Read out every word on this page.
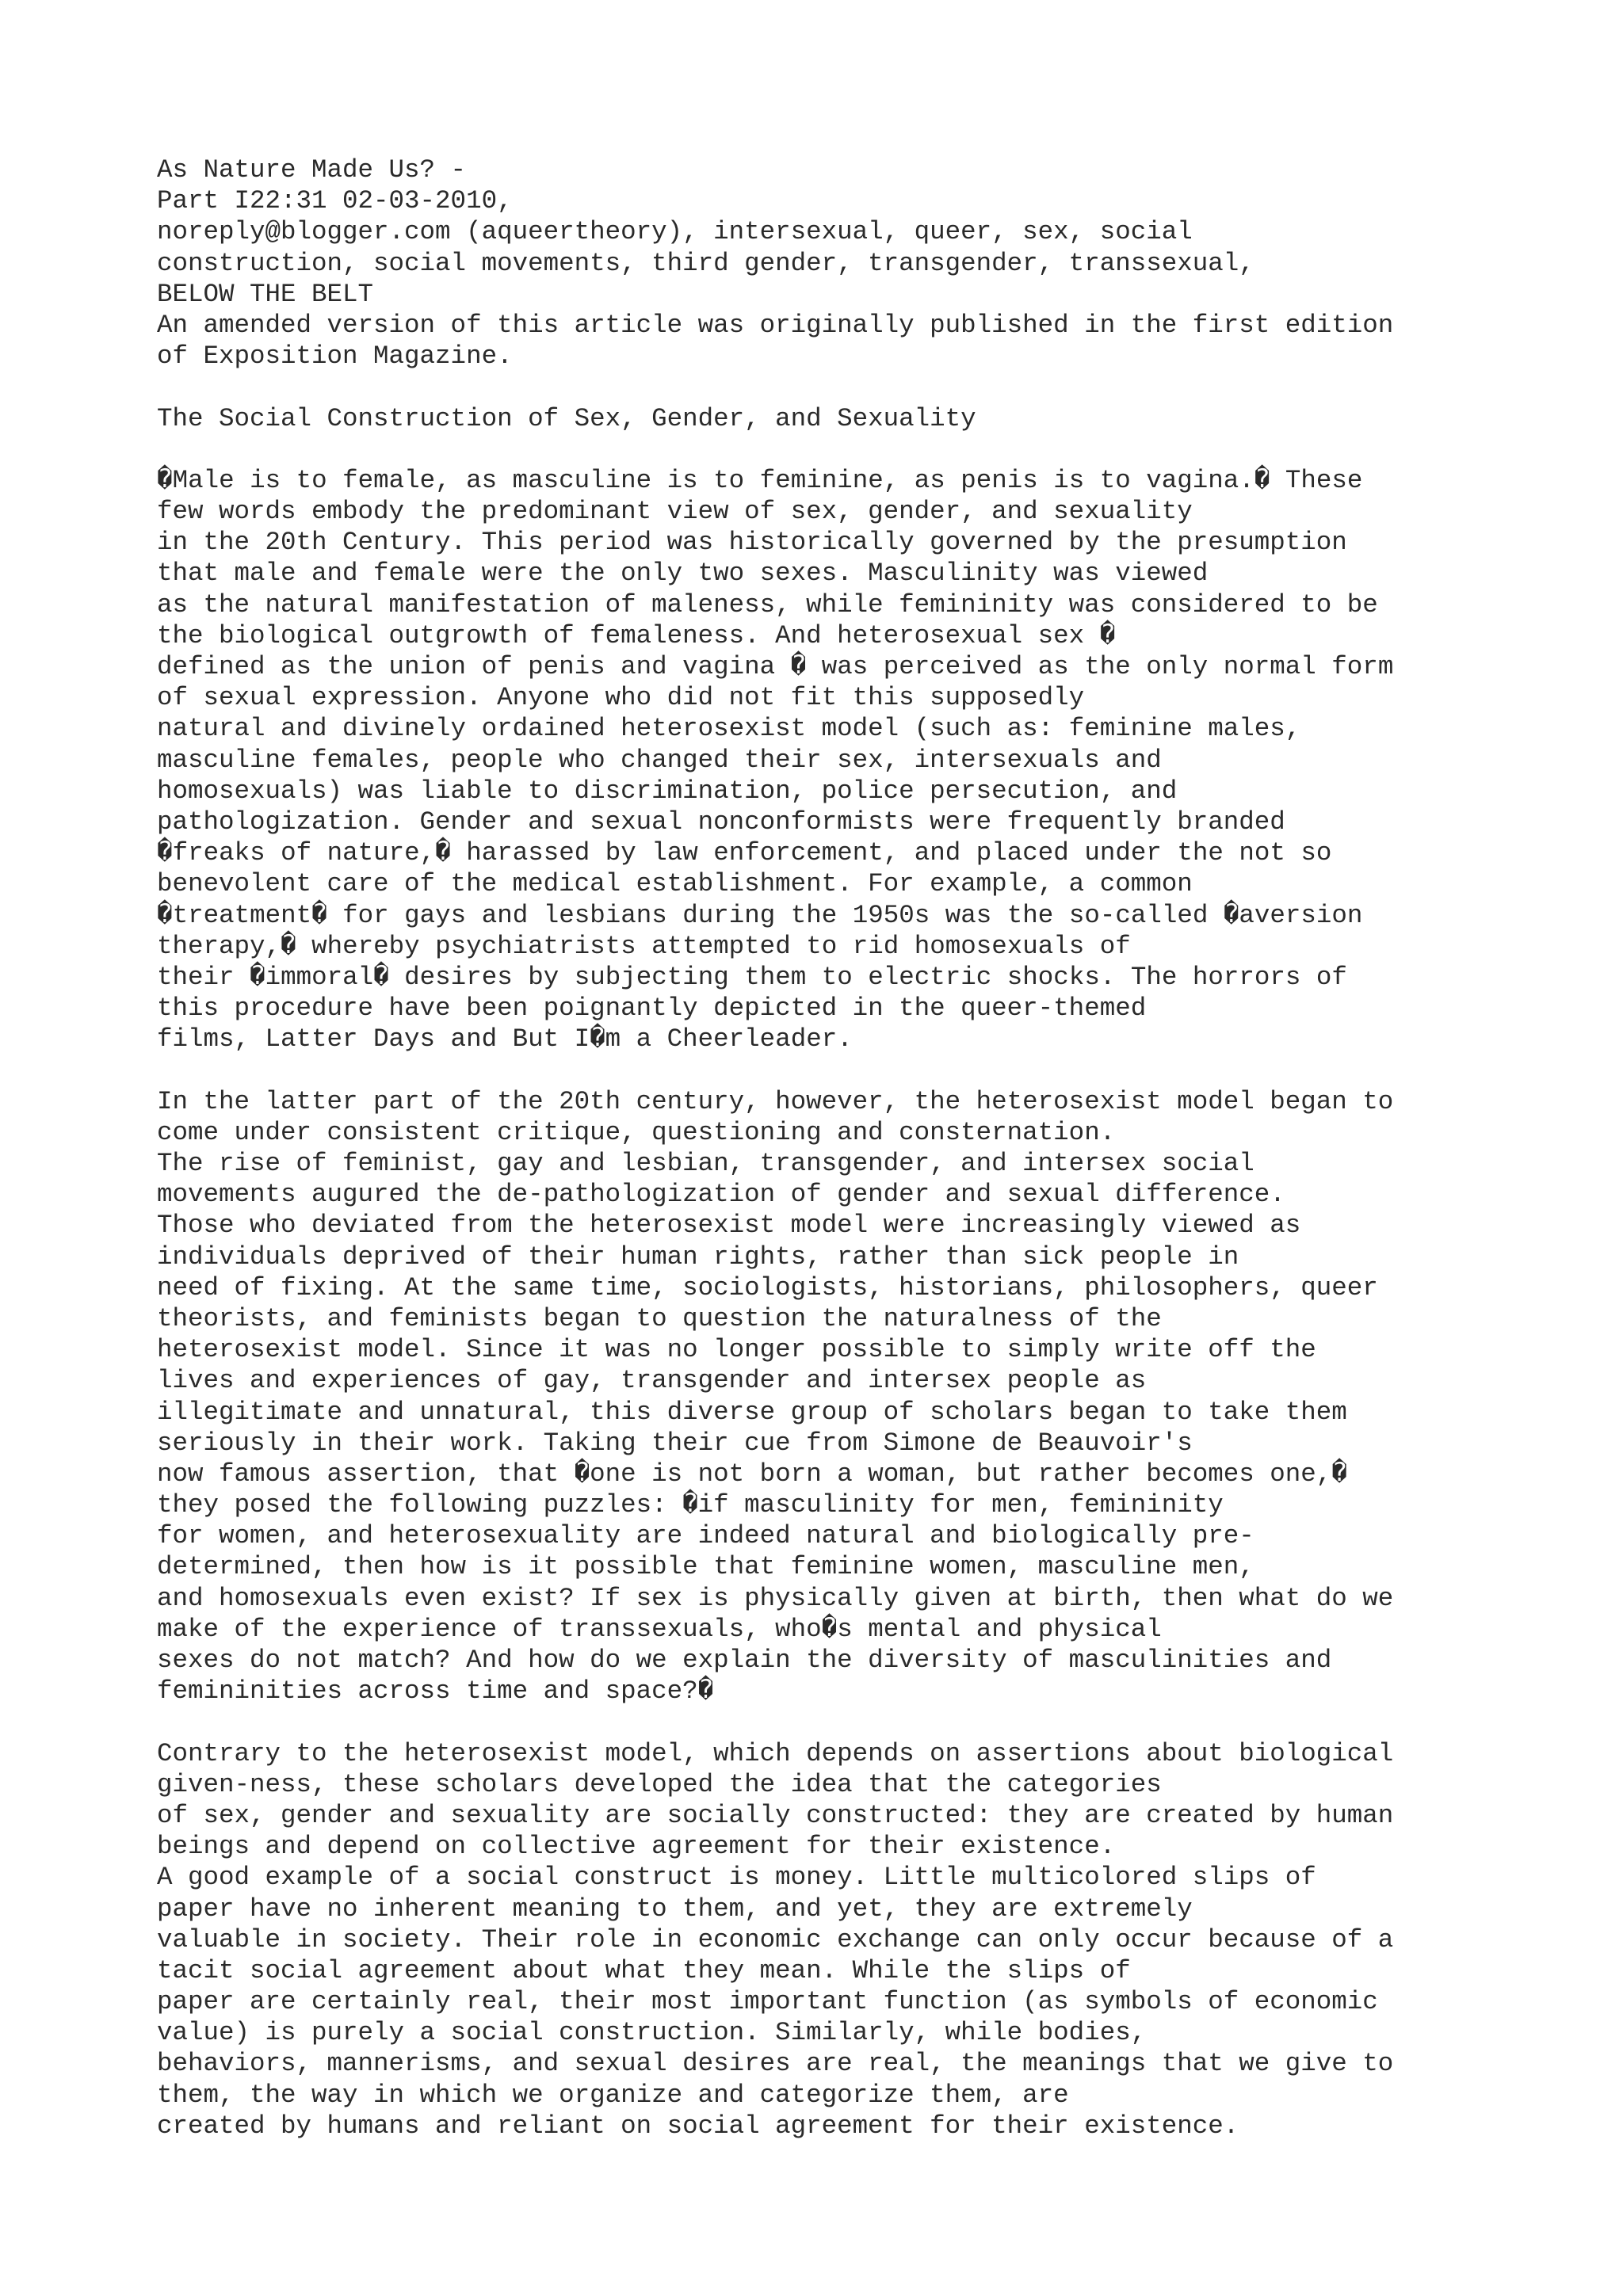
As Nature Made Us? -
Part I22:31 02-03-2010,
noreply@blogger.com (aqueertheory), intersexual, queer, sex, social
construction, social movements, third gender, transgender, transsexual,
BELOW THE BELT
An amended version of this article was originally published in the first edition
of Exposition Magazine.
The Social Construction of Sex, Gender, and Sexuality
�Male is to female, as masculine is to feminine, as penis is to vagina.� These
few words embody the predominant view of sex, gender, and sexuality
in the 20th Century. This period was historically governed by the presumption
that male and female were the only two sexes. Masculinity was viewed
as the natural manifestation of maleness, while femininity was considered to be
the biological outgrowth of femaleness. And heterosexual sex �
defined as the union of penis and vagina � was perceived as the only normal form
of sexual expression. Anyone who did not fit this supposedly
natural and divinely ordained heterosexist model (such as: feminine males,
masculine females, people who changed their sex, intersexuals and
homosexuals) was liable to discrimination, police persecution, and
pathologization. Gender and sexual nonconformists were frequently branded
�freaks of nature,� harassed by law enforcement, and placed under the not so
benevolent care of the medical establishment. For example, a common
�treatment� for gays and lesbians during the 1950s was the so-called �aversion
therapy,� whereby psychiatrists attempted to rid homosexuals of
their �immoral� desires by subjecting them to electric shocks. The horrors of
this procedure have been poignantly depicted in the queer-themed
films, Latter Days and But I�m a Cheerleader.
In the latter part of the 20th century, however, the heterosexist model began to
come under consistent critique, questioning and consternation.
The rise of feminist, gay and lesbian, transgender, and intersex social
movements augured the de-pathologization of gender and sexual difference.
Those who deviated from the heterosexist model were increasingly viewed as
individuals deprived of their human rights, rather than sick people in
need of fixing. At the same time, sociologists, historians, philosophers, queer
theorists, and feminists began to question the naturalness of the
heterosexist model. Since it was no longer possible to simply write off the
lives and experiences of gay, transgender and intersex people as
illegitimate and unnatural, this diverse group of scholars began to take them
seriously in their work. Taking their cue from Simone de Beauvoir's
now famous assertion, that �one is not born a woman, but rather becomes one,�
they posed the following puzzles: �if masculinity for men, femininity
for women, and heterosexuality are indeed natural and biologically pre-
determined, then how is it possible that feminine women, masculine men,
and homosexuals even exist? If sex is physically given at birth, then what do we
make of the experience of transsexuals, who�s mental and physical
sexes do not match? And how do we explain the diversity of masculinities and
femininities across time and space?�
Contrary to the heterosexist model, which depends on assertions about biological
given-ness, these scholars developed the idea that the categories
of sex, gender and sexuality are socially constructed: they are created by human
beings and depend on collective agreement for their existence.
A good example of a social construct is money. Little multicolored slips of
paper have no inherent meaning to them, and yet, they are extremely
valuable in society. Their role in economic exchange can only occur because of a
tacit social agreement about what they mean. While the slips of
paper are certainly real, their most important function (as symbols of economic
value) is purely a social construction. Similarly, while bodies,
behaviors, mannerisms, and sexual desires are real, the meanings that we give to
them, the way in which we organize and categorize them, are
created by humans and reliant on social agreement for their existence.
